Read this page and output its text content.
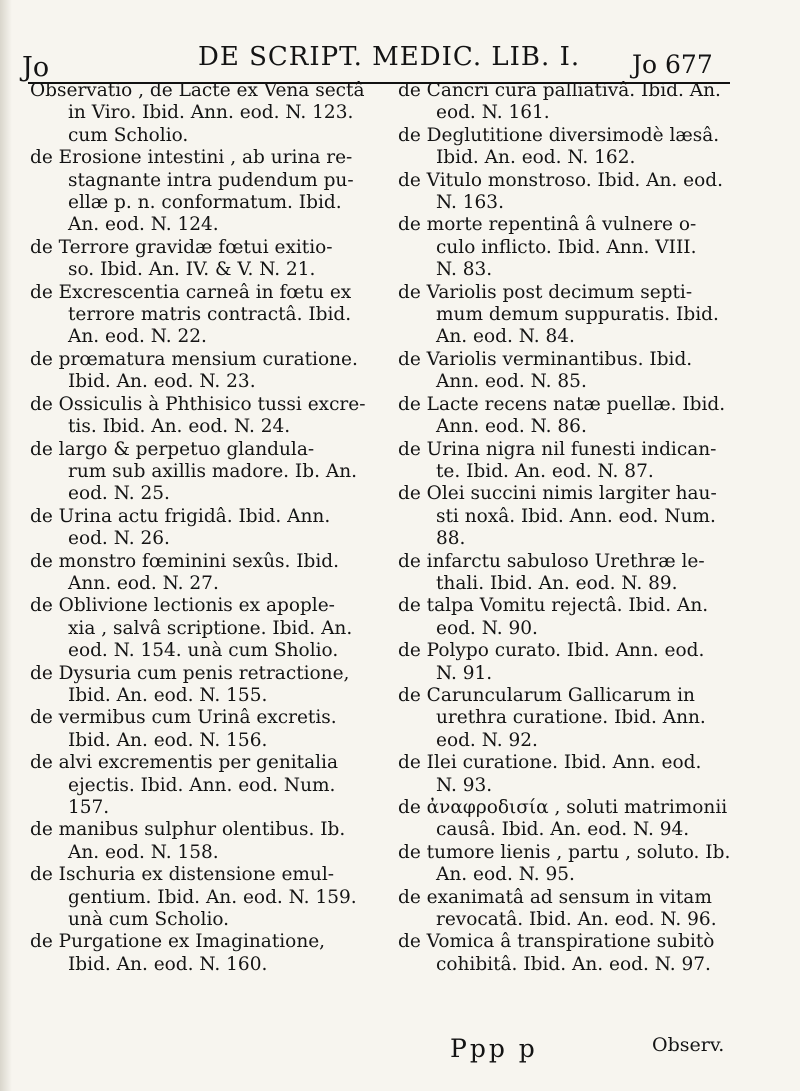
Jo	DE SCRIPT. MEDIC. LIB. I. Jo 677
Observatio , de Lacte ex Vena sectâ
in Viro. Ibid. Ann. eod. N. 123.
cum Scholio.
de Erosione intestini , ab urina re-
stagnante intra pudendum pu-
ellæ p. n. conformatum. Ibid.
An. eod. N. 124.
de Terrore gravidæ fœtui exitio-
so. Ibid. An. IV. & V. N. 21.
de Excrescentia carneâ in fœtu ex
terrore matris contractâ. Ibid.
An. eod. N. 22.
de prœmatura mensium curatione.
Ibid. An. eod. N. 23.
de Ossiculis à Phthisico tussi excre-
tis. Ibid. An. eod. N. 24.
de largo & perpetuo glandula-
rum sub axillis madore. Ib. An.
eod. N. 25.
de Urina actu frigidâ. Ibid. Ann.
eod. N. 26.
de monstro fœminini sexûs. Ibid.
Ann. eod. N. 27.
de Oblivione lectionis ex apople-
xia , salvâ scriptione. Ibid. An.
eod. N. 154. unà cum Sholio.
de Dysuria cum penis retractione,
Ibid. An. eod. N. 155.
de vermibus cum Urinâ excretis.
Ibid. An. eod. N. 156.
de alvi excrementis per genitalia
ejectis. Ibid. Ann. eod. Num.
157.
de manibus sulphur olentibus. Ib.
An. eod. N. 158.
de Ischuria ex distensione emul-
gentium. Ibid. An. eod. N. 159.
unà cum Scholio.
de Purgatione ex Imaginatione,
Ibid. An. eod. N. 160.
de Cancri cura palliativâ. Ibid. An.
eod. N. 161.
de Deglutitione diversimodè læsâ.
Ibid. An. eod. N. 162.
de Vitulo monstroso. Ibid. An. eod.
N. 163.
de morte repentinâ â vulnere o-
culo inflicto. Ibid. Ann. VIII.
N. 83.
de Variolis post decimum septi-
mum demum suppuratis. Ibid.
An. eod. N. 84.
de Variolis verminantibus. Ibid.
Ann. eod. N. 85.
de Lacte recens natæ puellæ. Ibid.
Ann. eod. N. 86.
de Urina nigra nil funesti indican-
te. Ibid. An. eod. N. 87.
de Olei succini nimis largiter hau-
sti noxâ. Ibid. Ann. eod. Num.
88.
de infarctu sabuloso Urethræ le-
thali. Ibid. An. eod. N. 89.
de talpa Vomitu rejectâ. Ibid. An.
eod. N. 90.
de Polypo curato. Ibid. Ann. eod.
N. 91.
de Caruncularum Gallicarum in
urethra curatione. Ibid. Ann.
eod. N. 92.
de Ilei curatione. Ibid. Ann. eod.
N. 93.
de ἀναφροδισία , soluti matrimonii
causâ. Ibid. An. eod. N. 94.
de tumore lienis , partu , soluto. Ib.
An. eod. N. 95.
de exanimatâ ad sensum in vitam
revocatâ. Ibid. An. eod. N. 96.
de Vomica â transpiratione subitò
cohibitâ. Ibid. An. eod. N. 97.
Ppp p	Observ.
